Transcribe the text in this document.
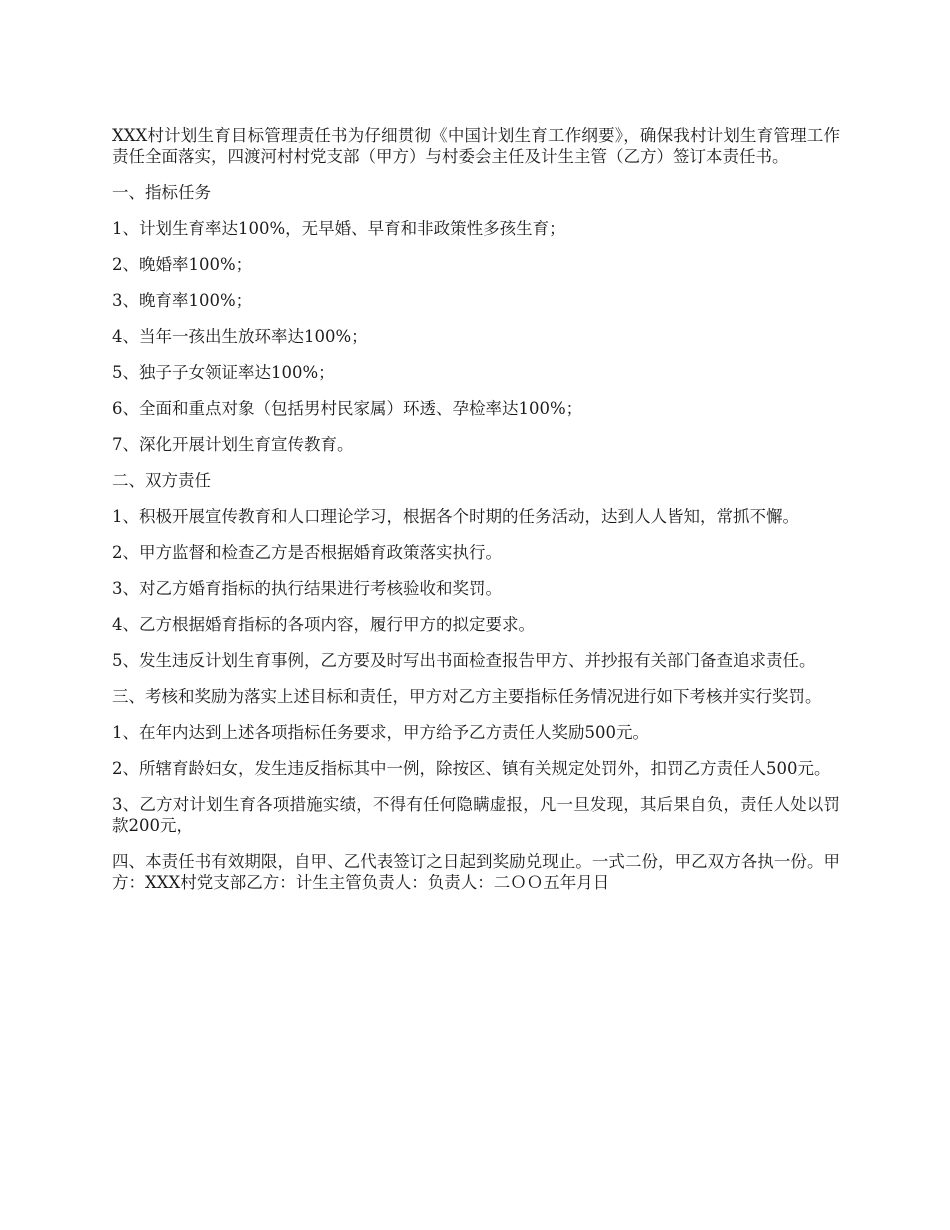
XXX村计划生育目标管理责任书为仔细贯彻《中国计划生育工作纲要》，确保我村计划生育管理工作责任全面落实，四渡河村村党支部（甲方）与村委会主任及计生主管（乙方）签订本责任书。

一、指标任务

1、计划生育率达100%，无早婚、早育和非政策性多孩生育；

2、晚婚率100%；

3、晚育率100%；

4、当年一孩出生放环率达100%；

5、独子子女领证率达100%；

6、全面和重点对象（包括男村民家属）环透、孕检率达100%；

7、深化开展计划生育宣传教育。

二、双方责任

1、积极开展宣传教育和人口理论学习，根据各个时期的任务活动，达到人人皆知，常抓不懈。

2、甲方监督和检查乙方是否根据婚育政策落实执行。

3、对乙方婚育指标的执行结果进行考核验收和奖罚。

4、乙方根据婚育指标的各项内容，履行甲方的拟定要求。

5、发生违反计划生育事例，乙方要及时写出书面检查报告甲方、并抄报有关部门备查追求责任。

三、考核和奖励为落实上述目标和责任，甲方对乙方主要指标任务情况进行如下考核并实行奖罚。

1、在年内达到上述各项指标任务要求，甲方给予乙方责任人奖励500元。

2、所辖育龄妇女，发生违反指标其中一例，除按区、镇有关规定处罚外，扣罚乙方责任人500元。

3、乙方对计划生育各项措施实绩，不得有任何隐瞒虚报，凡一旦发现，其后果自负，责任人处以罚款200元，

四、本责任书有效期限，自甲、乙代表签订之日起到奖励兑现止。一式二份，甲乙双方各执一份。甲方：XXX村党支部乙方：计生主管负责人：负责人：二ＯＯ五年月日
